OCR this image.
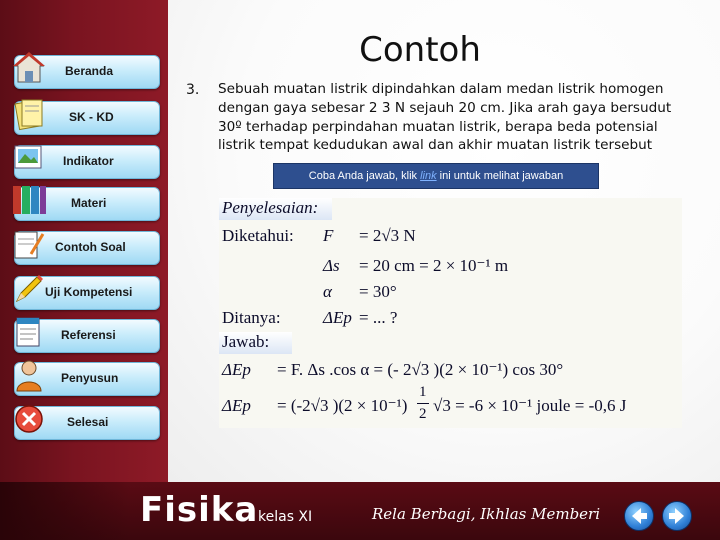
Beranda
SK - KD
Indikator
Materi
Contoh Soal
Uji Kompetensi
Referensi
Penyusun
Selesai
Contoh
3. Sebuah muatan listrik dipindahkan dalam medan listrik homogen dengan gaya sebesar 2 3 N sejauh 20 cm. Jika arah gaya bersudut 30º terhadap perpindahan muatan listrik, berapa beda potensial listrik tempat kedudukan awal dan akhir muatan listrik tersebut
Coba Anda jawab, klik link ini untuk melihat jawaban
Penyelesaian:
Diketahui: F = 2√3 N
Δs = 20 cm = 2 × 10⁻¹ m
α = 30°
Ditanya: ΔEp = ... ?
Jawab:
ΔEp = F. Δs .cos α = (- 2√3 )(2 × 10⁻¹) cos 30°
ΔEp = (-2√3 )(2 × 10⁻¹)
1
2 √3 = -6 × 10⁻¹ joule = -0,6 J
Fisika kelas XI	Rela Berbagi, Ikhlas Memberi
